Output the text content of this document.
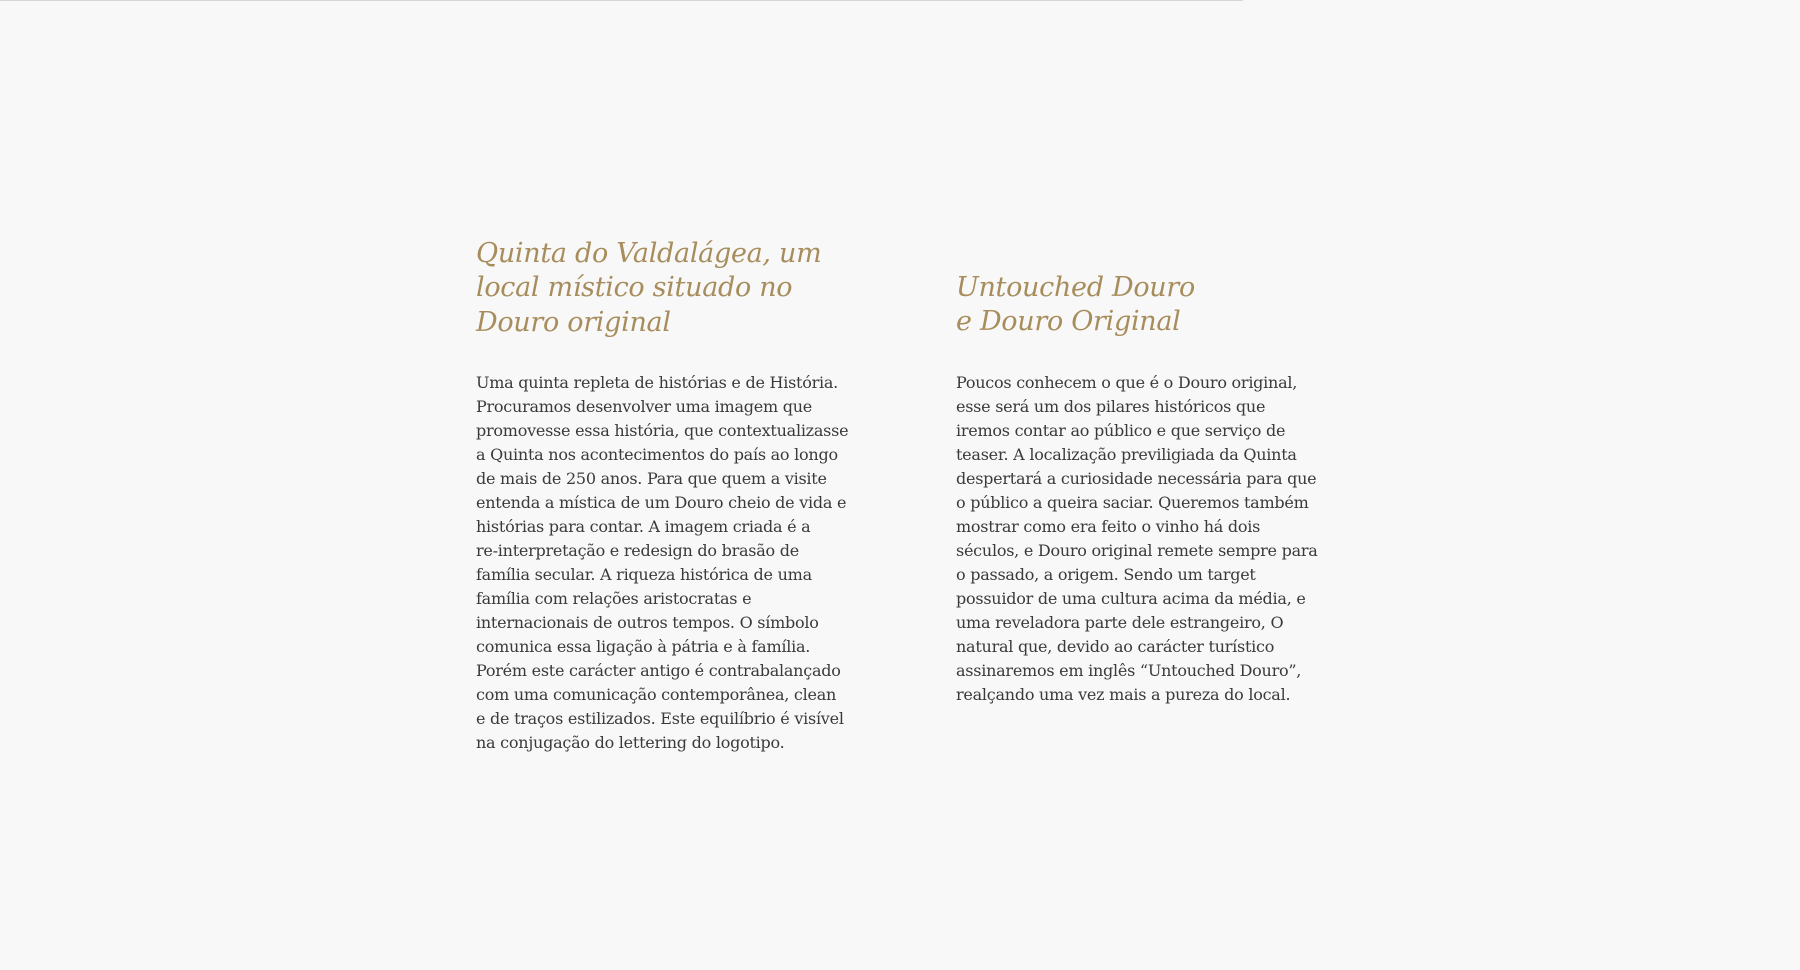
Quinta do Valdalágea, um
local místico situado no
Douro original

Uma quinta repleta de histórias e de História.
Procuramos desenvolver uma imagem que
promovesse essa história, que contextualizasse
a Quinta nos acontecimentos do país ao longo
de mais de 250 anos. Para que quem a visite
entenda a mística de um Douro cheio de vida e
histórias para contar. A imagem criada é a
re-interpretação e redesign do brasão de
família secular. A riqueza histórica de uma
família com relações aristocratas e
internacionais de outros tempos. O símbolo
comunica essa ligação à pátria e à família.
Porém este carácter antigo é contrabalançado
com uma comunicação contemporânea, clean
e de traços estilizados. Este equilíbrio é visível
na conjugação do lettering do logotipo.

Untouched Douro
e Douro Original

Poucos conhecem o que é o Douro original,
esse será um dos pilares históricos que
iremos contar ao público e que serviço de
teaser. A localização previligiada da Quinta
despertará a curiosidade necessária para que
o público a queira saciar. Queremos também
mostrar como era feito o vinho há dois
séculos, e Douro original remete sempre para
o passado, a origem. Sendo um target
possuidor de uma cultura acima da média, e
uma reveladora parte dele estrangeiro, O
natural que, devido ao carácter turístico
assinaremos em inglês “Untouched Douro”,
realçando uma vez mais a pureza do local.
